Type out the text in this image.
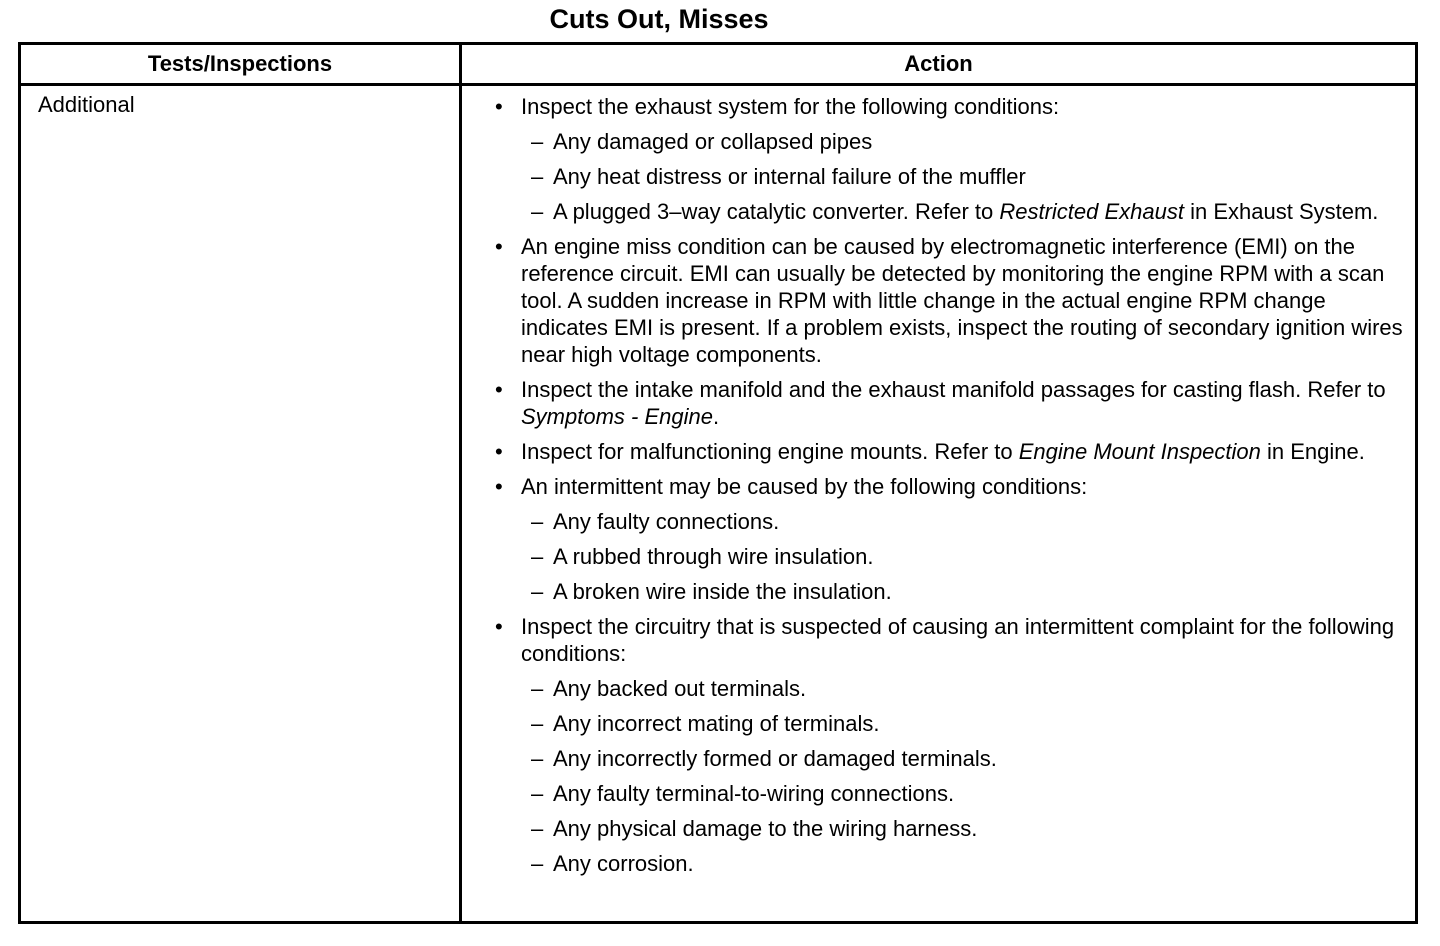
Cuts Out, Misses
Tests/Inspections	Action
Additional
•	Inspect the exhaust system for the following conditions:
– Any damaged or collapsed pipes
– Any heat distress or internal failure of the muffler
– A plugged 3–way catalytic converter. Refer to Restricted Exhaust in Exhaust System.
• An engine miss condition can be caused by electromagnetic interference (EMI) on the reference circuit. EMI can usually be detected by monitoring the engine RPM with a scan tool. A sudden increase in RPM with little change in the actual engine RPM change indicates EMI is present. If a problem exists, inspect the routing of secondary ignition wires near high voltage components.
• Inspect the intake manifold and the exhaust manifold passages for casting flash. Refer to Symptoms - Engine.
• Inspect for malfunctioning engine mounts. Refer to Engine Mount Inspection in Engine.
• An intermittent may be caused by the following conditions:
– Any faulty connections.
– A rubbed through wire insulation.
– A broken wire inside the insulation.
• Inspect the circuitry that is suspected of causing an intermittent complaint for the following conditions:
– Any backed out terminals.
– Any incorrect mating of terminals.
– Any incorrectly formed or damaged terminals.
– Any faulty terminal-to-wiring connections.
– Any physical damage to the wiring harness.
– Any corrosion.
